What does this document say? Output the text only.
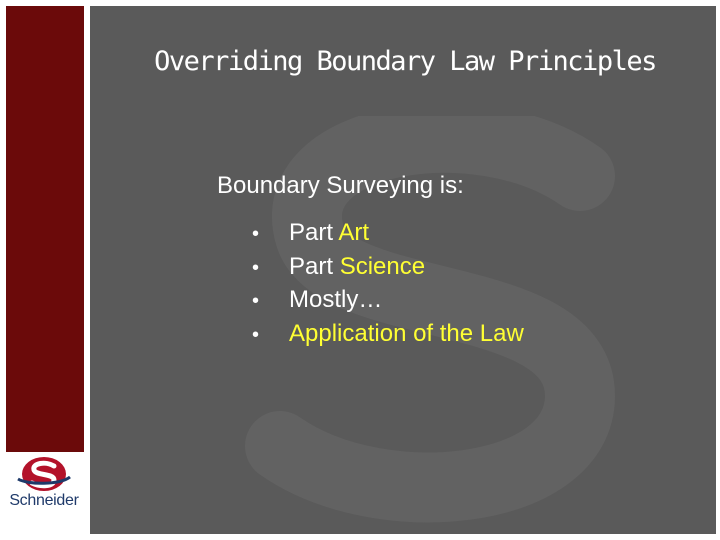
Schneider
Overriding Boundary Law Principles
Boundary Surveying is:
• Part Art
• Part Science
• Mostly…
• Application of the Law
